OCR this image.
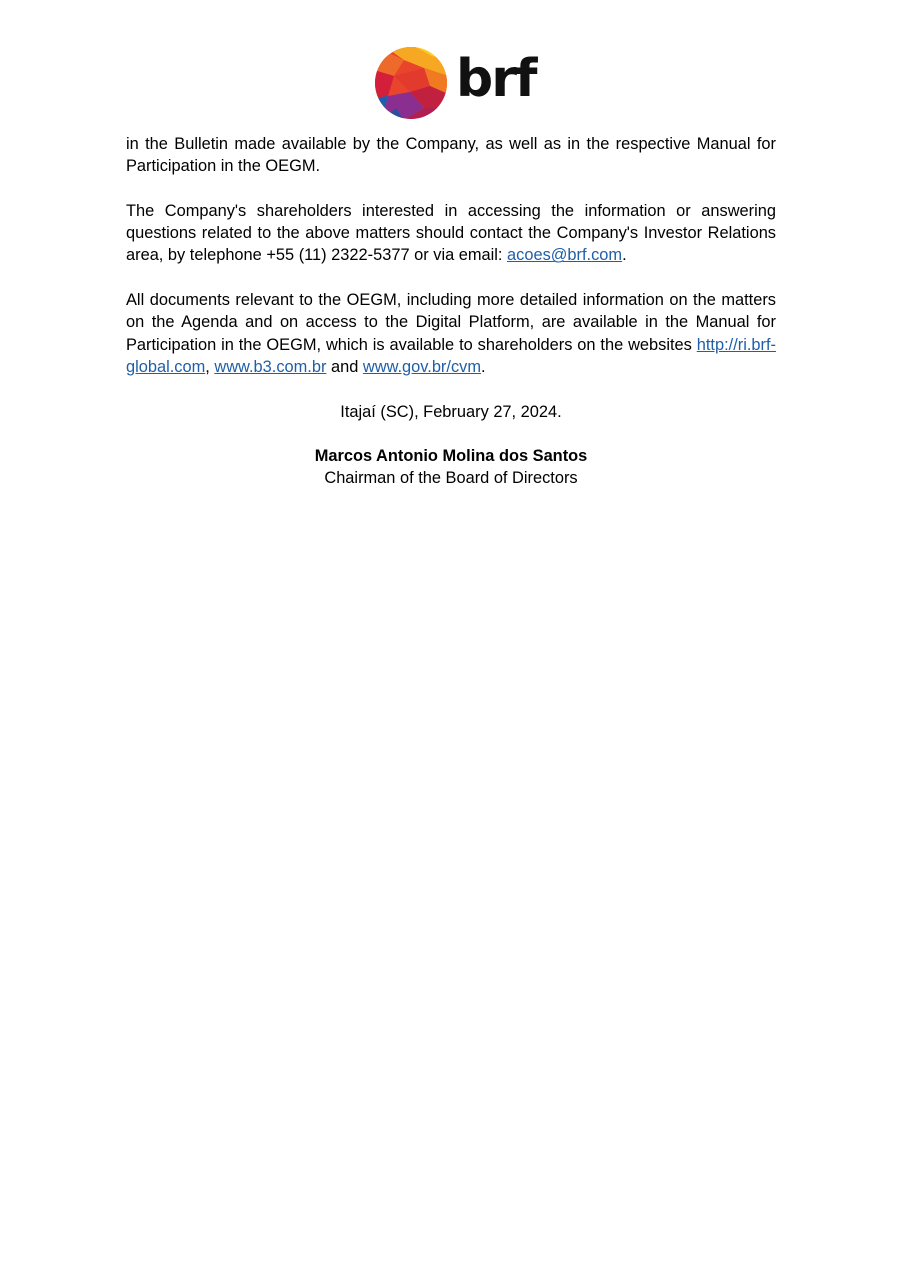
brf

in the Bulletin made available by the Company, as well as in the respective Manual for Participation in the OEGM.

The Company's shareholders interested in accessing the information or answering questions related to the above matters should contact the Company's Investor Relations area, by telephone +55 (11) 2322-5377 or via email: acoes@brf.com.

All documents relevant to the OEGM, including more detailed information on the matters on the Agenda and on access to the Digital Platform, are available in the Manual for Participation in the OEGM, which is available to shareholders on the websites http://ri.brf-global.com, www.b3.com.br and www.gov.br/cvm.

Itajaí (SC), February 27, 2024.

Marcos Antonio Molina dos Santos

Chairman of the Board of Directors
